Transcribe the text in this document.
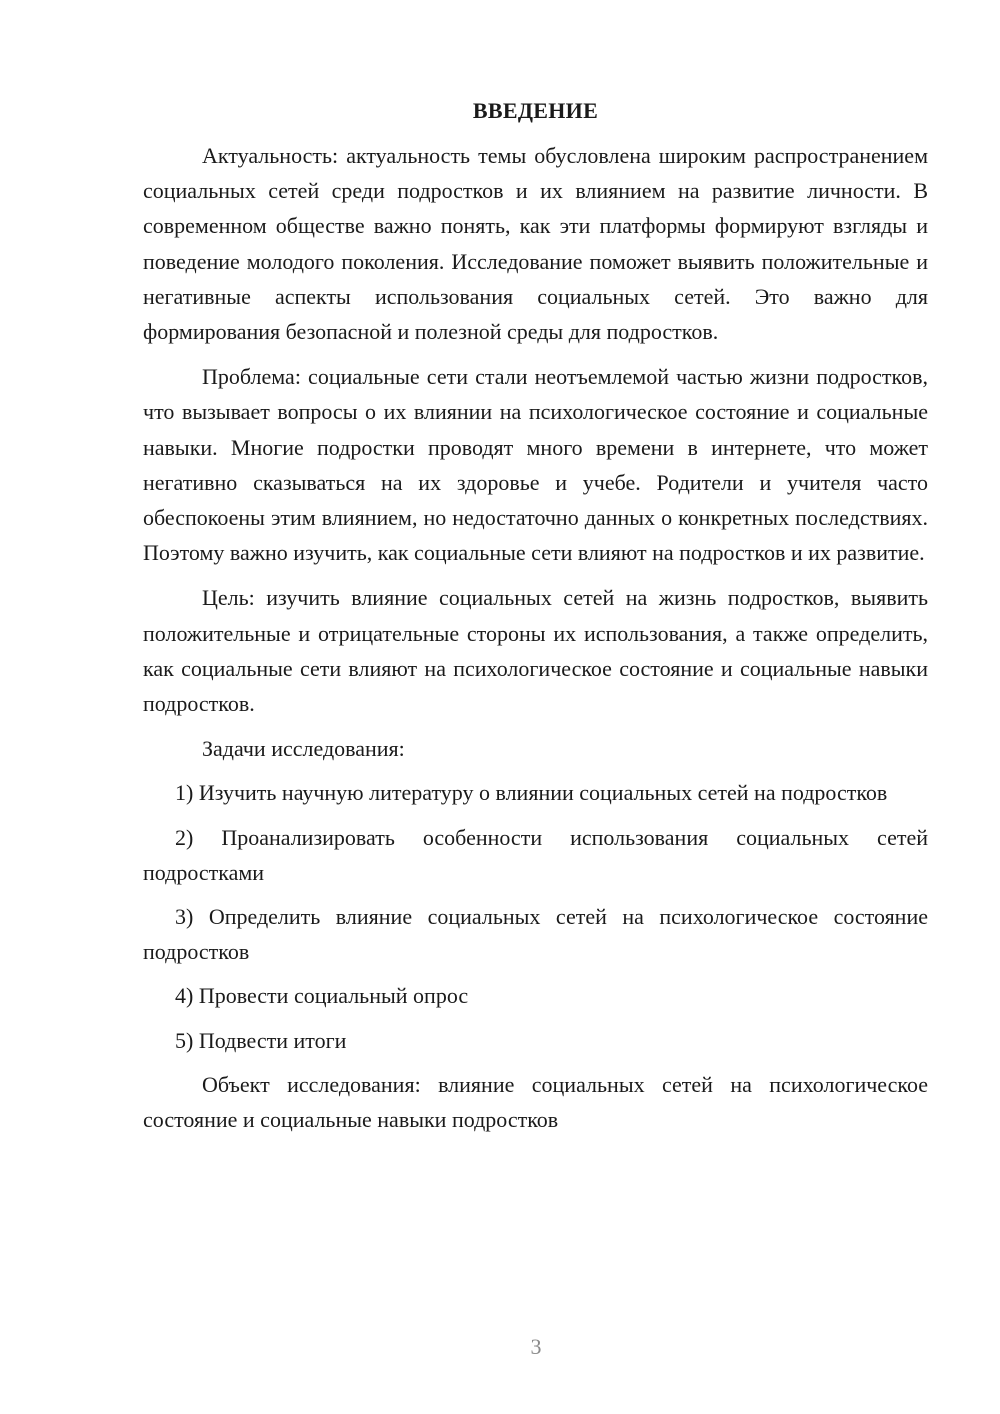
ВВЕДЕНИЕ

Актуальность: актуальность темы обусловлена широким распространением социальных сетей среди подростков и их влиянием на развитие личности. В современном обществе важно понять, как эти платформы формируют взгляды и поведение молодого поколения. Исследование поможет выявить положительные и негативные аспекты использования социальных сетей. Это важно для формирования безопасной и полезной среды для подростков.

Проблема: социальные сети стали неотъемлемой частью жизни подростков, что вызывает вопросы о их влиянии на психологическое состояние и социальные навыки. Многие подростки проводят много времени в интернете, что может негативно сказываться на их здоровье и учебе. Родители и учителя часто обеспокоены этим влиянием, но недостаточно данных о конкретных последствиях. Поэтому важно изучить, как социальные сети влияют на подростков и их развитие.

Цель: изучить влияние социальных сетей на жизнь подростков, выявить положительные и отрицательные стороны их использования, а также определить, как социальные сети влияют на психологическое состояние и социальные навыки подростков.

Задачи исследования:

1) Изучить научную литературу о влиянии социальных сетей на подростков

2) Проанализировать особенности использования социальных сетей подростками

3) Определить влияние социальных сетей на психологическое состояние подростков

4) Провести социальный опрос

5) Подвести итоги

Объект исследования: влияние социальных сетей на психологическое состояние и социальные навыки подростков

3
